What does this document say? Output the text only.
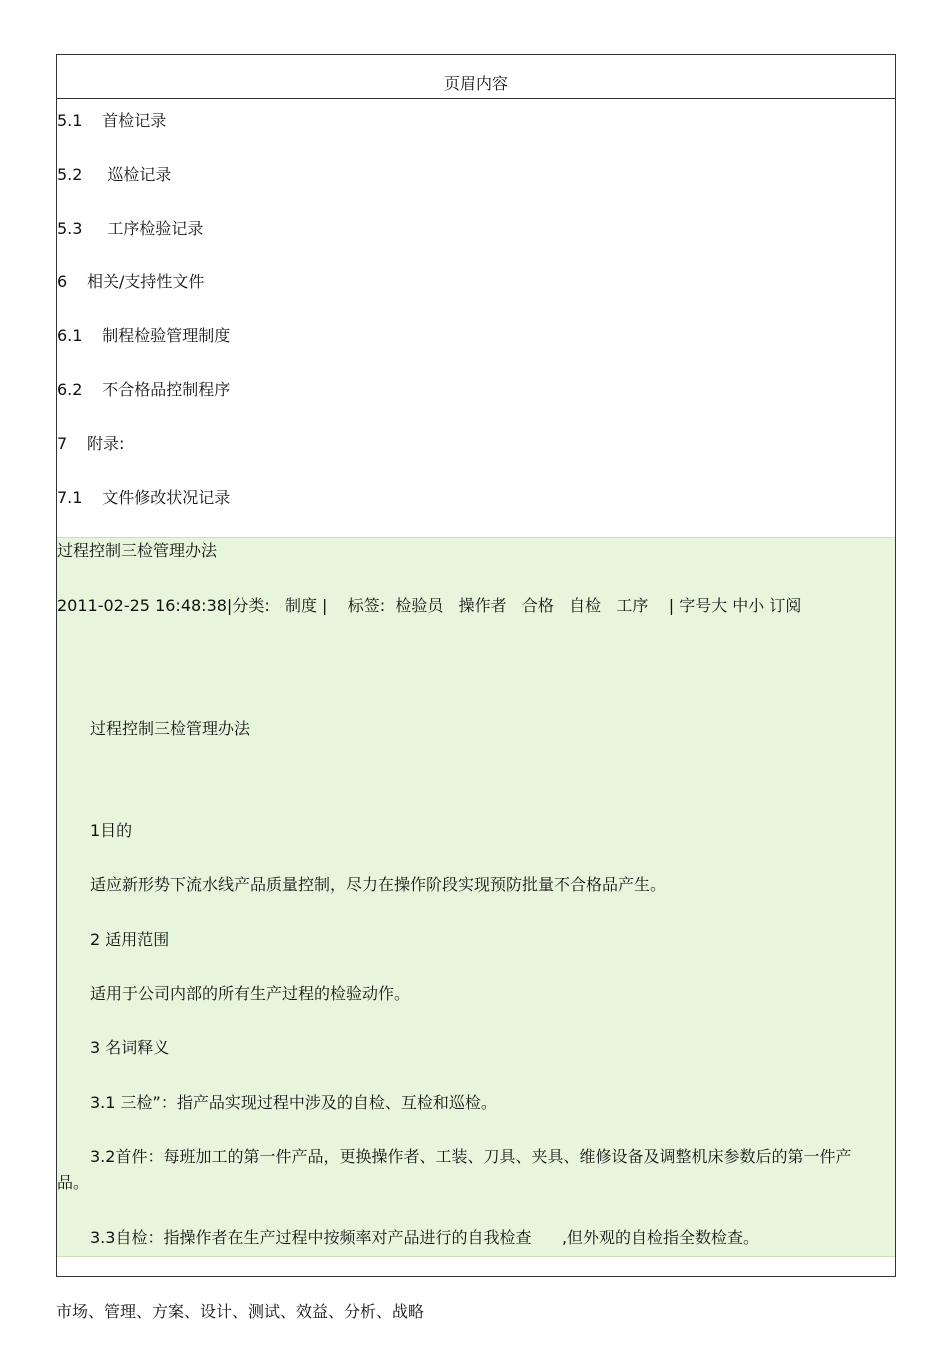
页眉内容
5.1 首检记录
5.2 巡检记录
5.3 工序检验记录
6 相关/支持性文件
6.1 制程检验管理制度
6.2 不合格品控制程序
7 附录:
7.1 文件修改状况记录
过程控制三检管理办法
2011-02-25 16:48:38|分类:   制度 |    标签:  检验员   操作者   合格   自检   工序    | 字号大 中小 订阅
过程控制三检管理办法
1目的
适应新形势下流水线产品质量控制，尽力在操作阶段实现预防批量不合格品产生。
2 适用范围
适用于公司内部的所有生产过程的检验动作。
3 名词释义
3.1 三检”：指产品实现过程中涉及的自检、互检和巡检。
3.2首件：每班加工的第一件产品，更换操作者、工装、刀具、夹具、维修设备及调整机床参数后的第一件产品。
3.3自检：指操作者在生产过程中按频率对产品进行的自我检查      ,但外观的自检指全数检查。
市场、管理、方案、设计、测试、效益、分析、战略
